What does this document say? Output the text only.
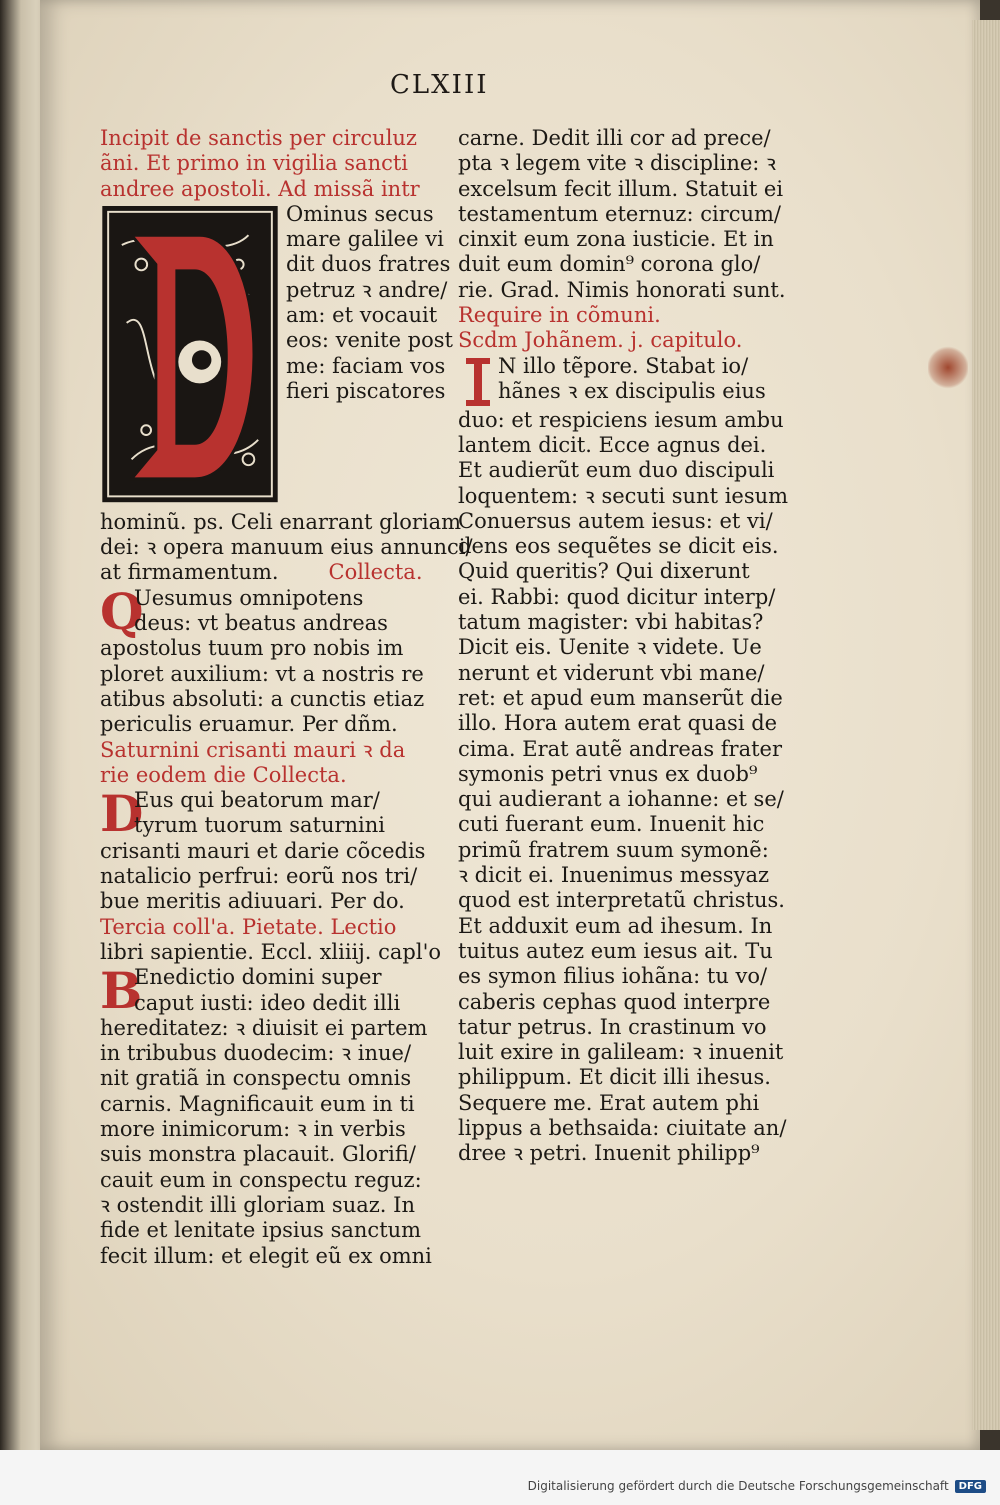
CLXIII
Incipit de sanctis per circuluz
ãni. Et primo in vigilia sancti
andree apostoli. Ad missã intr
Ominus secus
mare galilee vi
dit duos fratres
petruz ꝛ andre/
am: et vocauit
eos: venite post
me: faciam vos
fieri piscatores
hominũ. ps. Celi enarrant gloriam
dei: ꝛ opera manuum eius annunci/
at firmamentum. Collecta.
Q
Uesumus omnipotens
deus: vt beatus andreas
apostolus tuum pro nobis im
ploret auxilium: vt a nostris re
atibus absoluti: a cunctis etiaz
periculis eruamur. Per dñm.
Saturnini crisanti mauri ꝛ da
rie eodem die Collecta.
D
Eus qui beatorum mar/
tyrum tuorum saturnini
crisanti mauri et darie cõcedis
natalicio perfrui: eorũ nos tri/
bue meritis adiuuari. Per do.
Tercia coll'a. Pietate. Lectio
libri sapientie. Eccl. xliiij. capl'o
B
Enedictio domini super
caput iusti: ideo dedit illi
hereditatez: ꝛ diuisit ei partem
in tribubus duodecim: ꝛ inue/
nit gratiã in conspectu omnis
carnis. Magnificauit eum in ti
more inimicorum: ꝛ in verbis
suis monstra placauit. Glorifi/
cauit eum in conspectu reguz:
ꝛ ostendit illi gloriam suaz. In
fide et lenitate ipsius sanctum
fecit illum: et elegit eũ ex omni
carne. Dedit illi cor ad prece/
pta ꝛ legem vite ꝛ discipline: ꝛ
excelsum fecit illum. Statuit ei
testamentum eternuz: circum/
cinxit eum zona iusticie. Et in
duit eum domin⁹ corona glo/
rie. Grad. Nimis honorati sunt.
Require in cõmuni.
Scdm Johãnem. j. capitulo.
I	N illo tẽpore. Stabat io/
hãnes ꝛ ex discipulis eius
duo: et respiciens iesum ambu
lantem dicit. Ecce agnus dei.
Et audierũt eum duo discipuli
loquentem: ꝛ secuti sunt iesum
Conuersus autem iesus: et vi/
dens eos sequẽtes se dicit eis.
Quid queritis? Qui dixerunt
ei. Rabbi: quod dicitur interp/
tatum magister: vbi habitas?
Dicit eis. Uenite ꝛ videte. Ue
nerunt et viderunt vbi mane/
ret: et apud eum manserũt die
illo. Hora autem erat quasi de
cima. Erat autẽ andreas frater
symonis petri vnus ex duob⁹
qui audierant a iohanne: et se/
cuti fuerant eum. Inuenit hic
primũ fratrem suum symonẽ:
ꝛ dicit ei. Inuenimus messyaz
quod est interpretatũ christus.
Et adduxit eum ad ihesum. In
tuitus autez eum iesus ait. Tu
es symon filius iohãna: tu vo/
caberis cephas quod interpre
tatur petrus. In crastinum vo
luit exire in galileam: ꝛ inuenit
philippum. Et dicit illi ihesus.
Sequere me. Erat autem phi
lippus a bethsaida: ciuitate an/
dree ꝛ petri. Inuenit philipp⁹
Digitalisierung gefördert durch die Deutsche Forschungsgemeinschaft	DFG
